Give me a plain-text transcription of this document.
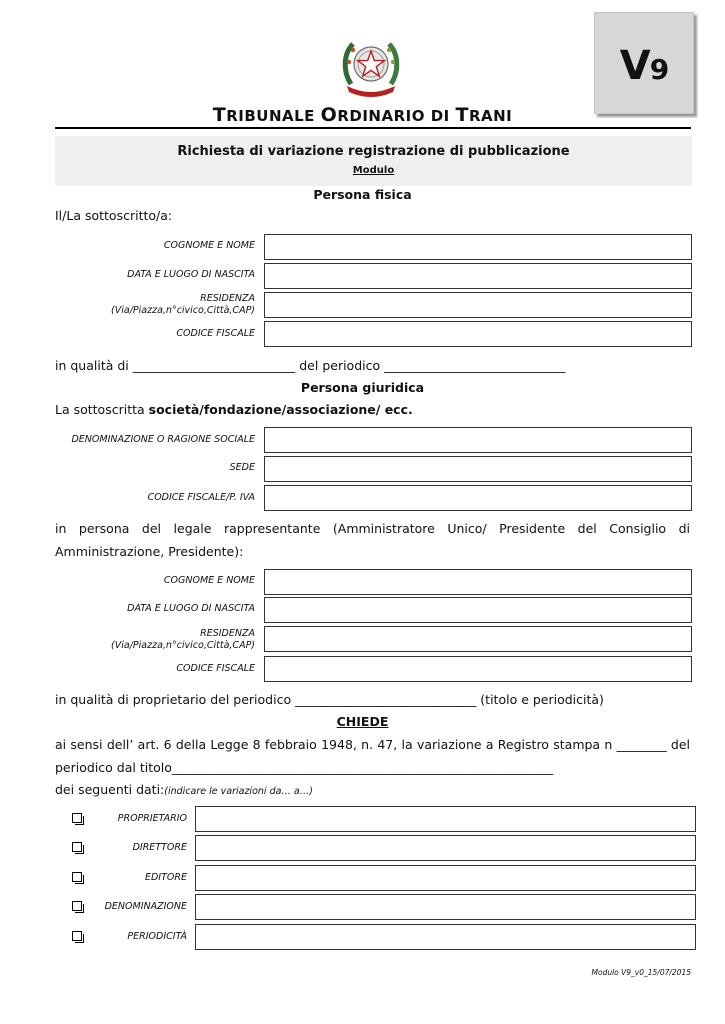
V9
TRIBUNALE ORDINARIO DI TRANI
Richiesta di variazione registrazione di pubblicazione
Modulo
Persona fisica
Il/La sottoscritto/a:
COGNOME E NOME
DATA E LUOGO DI NASCITA
RESIDENZA
(Via/Piazza,n°civico,Città,CAP)
CODICE FISCALE
in qualità di __________________________ del periodico _____________________________
Persona giuridica
La sottoscritta società/fondazione/associazione/ ecc.
DENOMINAZIONE O RAGIONE SOCIALE
SEDE
CODICE FISCALE/P. IVA
in persona del legale rappresentante (Amministratore Unico/ Presidente del Consiglio di
Amministrazione, Presidente):
COGNOME E NOME
DATA E LUOGO DI NASCITA
RESIDENZA
(Via/Piazza,n°civico,Città,CAP)
CODICE FISCALE
in qualità di proprietario del periodico _____________________________ (titolo e periodicità)
CHIEDE
ai sensi dell’ art. 6 della Legge 8 febbraio 1948, n. 47, la variazione a Registro stampa n ________ del
periodico dal titolo_____________________________________________________________
dei seguenti dati:(indicare le variazioni da… a…)
PROPRIETARIO
DIRETTORE
EDITORE
DENOMINAZIONE
PERIODICITÀ
Modulo V9_v0_15/07/2015
